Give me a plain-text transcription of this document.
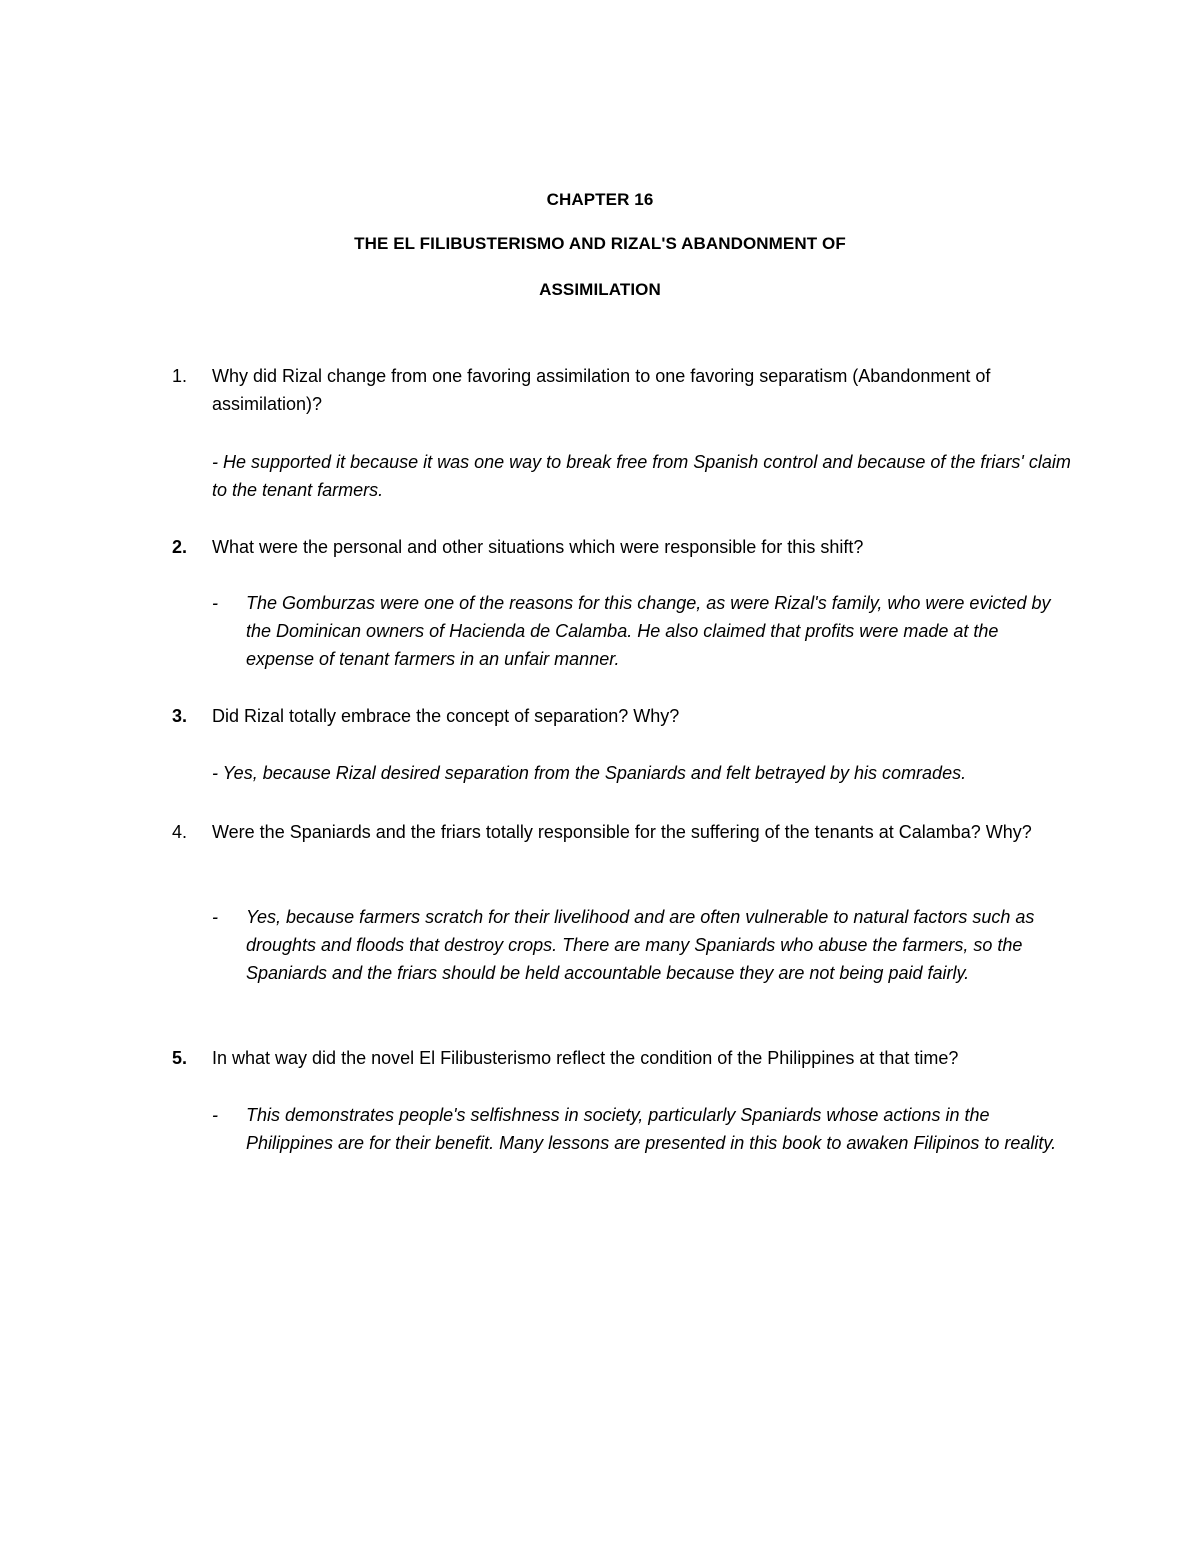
CHAPTER 16
THE EL FILIBUSTERISMO AND RIZAL'S ABANDONMENT OF
ASSIMILATION
1. Why did Rizal change from one favoring assimilation to one favoring separatism (Abandonment of assimilation)?
- He supported it because it was one way to break free from Spanish control and because of the friars' claim to the tenant farmers.
2. What were the personal and other situations which were responsible for this shift?
- The Gomburzas were one of the reasons for this change, as were Rizal's family, who were evicted by the Dominican owners of Hacienda de Calamba. He also claimed that profits were made at the expense of tenant farmers in an unfair manner.
3. Did Rizal totally embrace the concept of separation? Why?
- Yes, because Rizal desired separation from the Spaniards and felt betrayed by his comrades.
4. Were the Spaniards and the friars totally responsible for the suffering of the tenants at Calamba? Why?
- Yes, because farmers scratch for their livelihood and are often vulnerable to natural factors such as droughts and floods that destroy crops. There are many Spaniards who abuse the farmers, so the Spaniards and the friars should be held accountable because they are not being paid fairly.
5. In what way did the novel El Filibusterismo reflect the condition of the Philippines at that time?
- This demonstrates people's selfishness in society, particularly Spaniards whose actions in the Philippines are for their benefit. Many lessons are presented in this book to awaken Filipinos to reality.
